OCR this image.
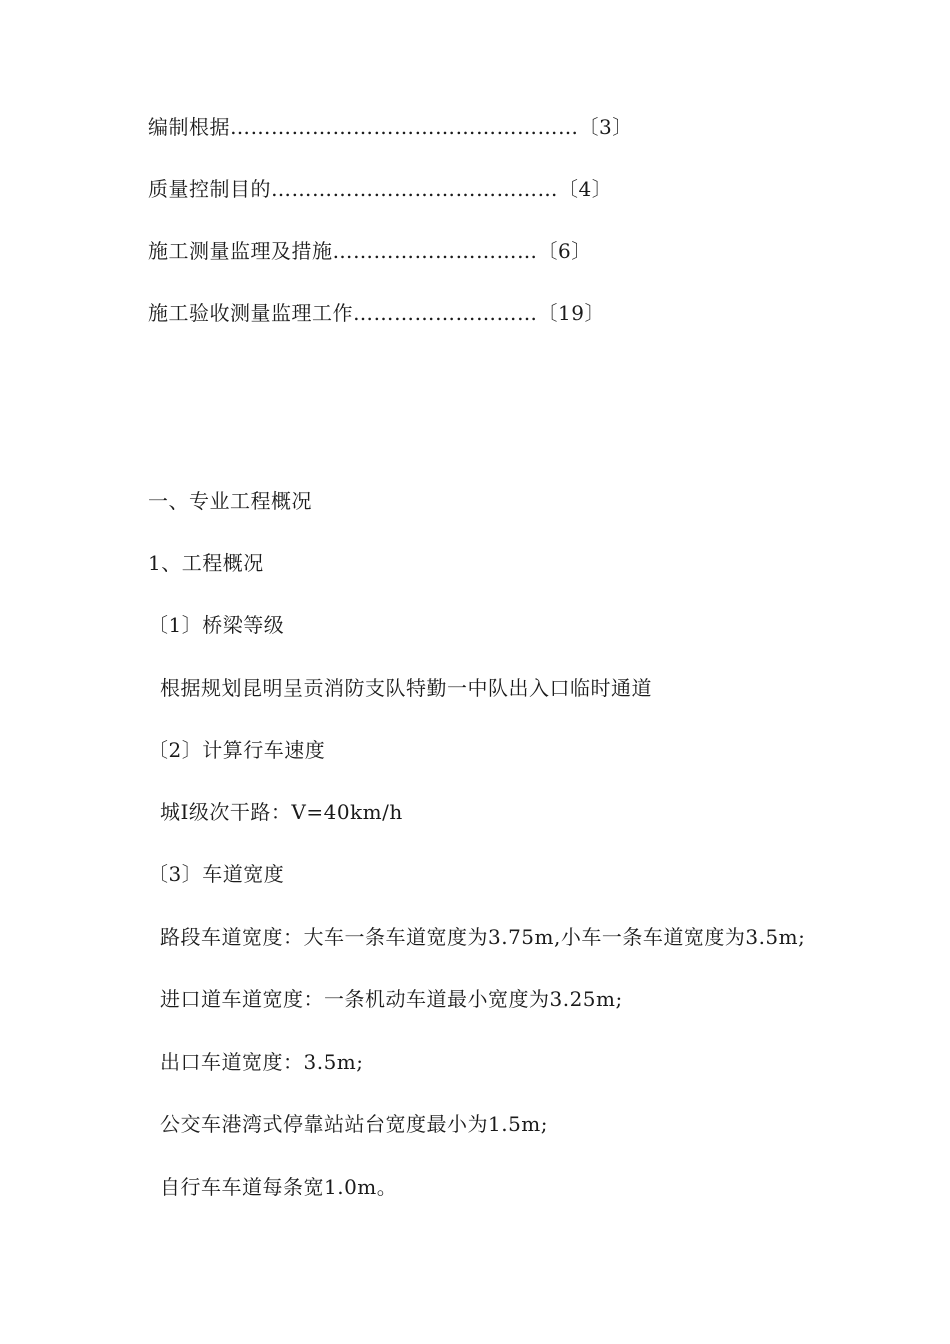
编制根据……………………………………………〔3〕
质量控制目的……………………………………〔4〕
施工测量监理及措施…………………………〔6〕
施工验收测量监理工作………………………〔19〕
一、专业工程概况
1、工程概况
〔1〕桥梁等级
根据规划昆明呈贡消防支队特勤一中队出入口临时通道
〔2〕计算行车速度
城Ⅰ级次干路：V=40km/h
〔3〕车道宽度
路段车道宽度：大车一条车道宽度为3.75m,小车一条车道宽度为3.5m;
进口道车道宽度：一条机动车道最小宽度为3.25m;
出口车道宽度：3.5m;
公交车港湾式停靠站站台宽度最小为1.5m;
自行车车道每条宽1.0m。
